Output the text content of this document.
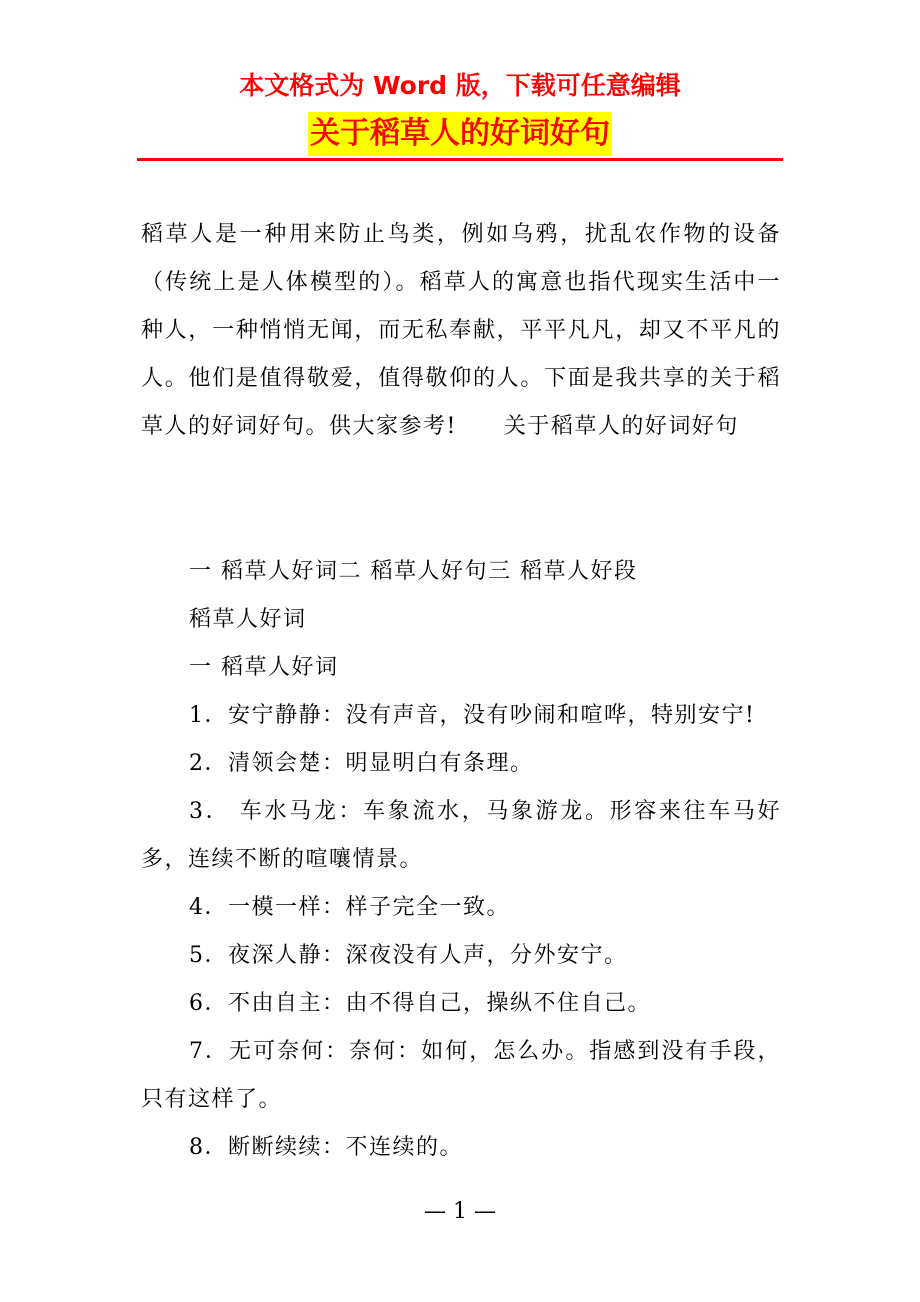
本文格式为 Word 版，下载可任意编辑
关于稻草人的好词好句
稻草人是一种用来防止鸟类，例如乌鸦，扰乱农作物的设备（传统上是人体模型的）。稻草人的寓意也指代现实生活中一种人，一种悄悄无闻，而无私奉献，平平凡凡，却又不平凡的人。他们是值得敬爱，值得敬仰的人。下面是我共享的关于稻草人的好词好句。供大家参考!　　关于稻草人的好词好句
一 稻草人好词二 稻草人好句三 稻草人好段
稻草人好词
一 稻草人好词
1．安宁静静：没有声音，没有吵闹和喧哗，特别安宁!
2．清领会楚：明显明白有条理。
3． 车水马龙：车象流水，马象游龙。形容来往车马好多，连续不断的喧嚷情景。
4．一模一样：样子完全一致。
5．夜深人静：深夜没有人声，分外安宁。
6．不由自主：由不得自己，操纵不住自己。
7．无可奈何：奈何：如何，怎么办。指感到没有手段，只有这样了。
8．断断续续：不连续的。
— 1 —
